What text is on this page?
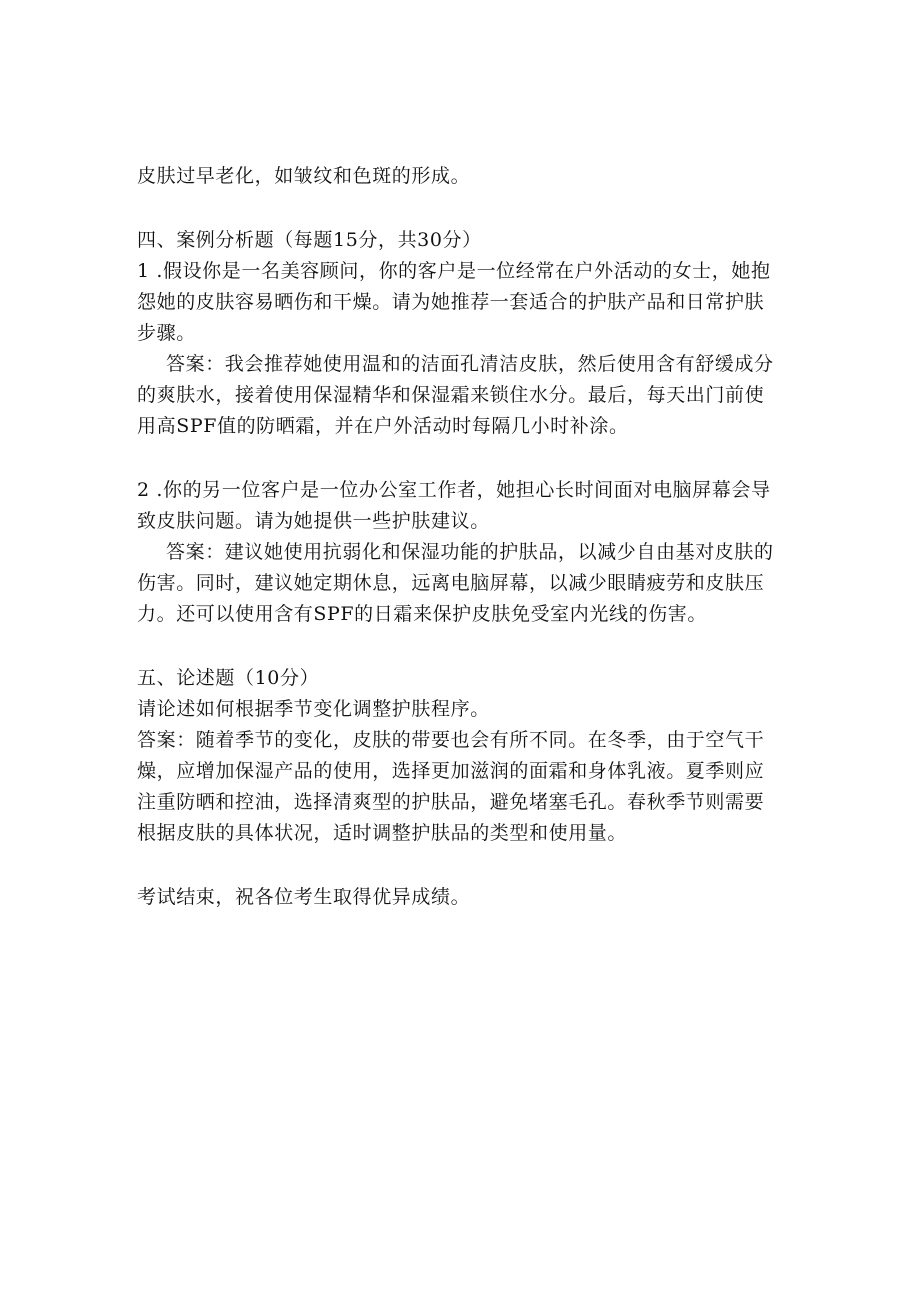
皮肤过早老化，如皱纹和色斑的形成。
四、案例分析题（每题15分，共30分）
1 .假设你是一名美容顾问，你的客户是一位经常在户外活动的女士，她抱
怨她的皮肤容易晒伤和干燥。请为她推荐一套适合的护肤产品和日常护肤
步骤。
答案：我会推荐她使用温和的洁面孔清洁皮肤，然后使用含有舒缓成分
的爽肤水，接着使用保湿精华和保湿霜来锁住水分。最后，每天出门前使
用高SPF值的防晒霜，并在户外活动时每隔几小时补涂。
2 .你的另一位客户是一位办公室工作者，她担心长时间面对电脑屏幕会导
致皮肤问题。请为她提供一些护肤建议。
答案：建议她使用抗弱化和保湿功能的护肤品，以减少自由基对皮肤的
伤害。同时，建议她定期休息，远离电脑屏幕，以减少眼睛疲劳和皮肤压
力。还可以使用含有SPF的日霜来保护皮肤免受室内光线的伤害。
五、论述题（10分）
请论述如何根据季节变化调整护肤程序。
答案：随着季节的变化，皮肤的带要也会有所不同。在冬季，由于空气干
燥，应增加保湿产品的使用，选择更加滋润的面霜和身体乳液。夏季则应
注重防晒和控油，选择清爽型的护肤品，避免堵塞毛孔。春秋季节则需要
根据皮肤的具体状况，适时调整护肤品的类型和使用量。
考试结束，祝各位考生取得优异成绩。
